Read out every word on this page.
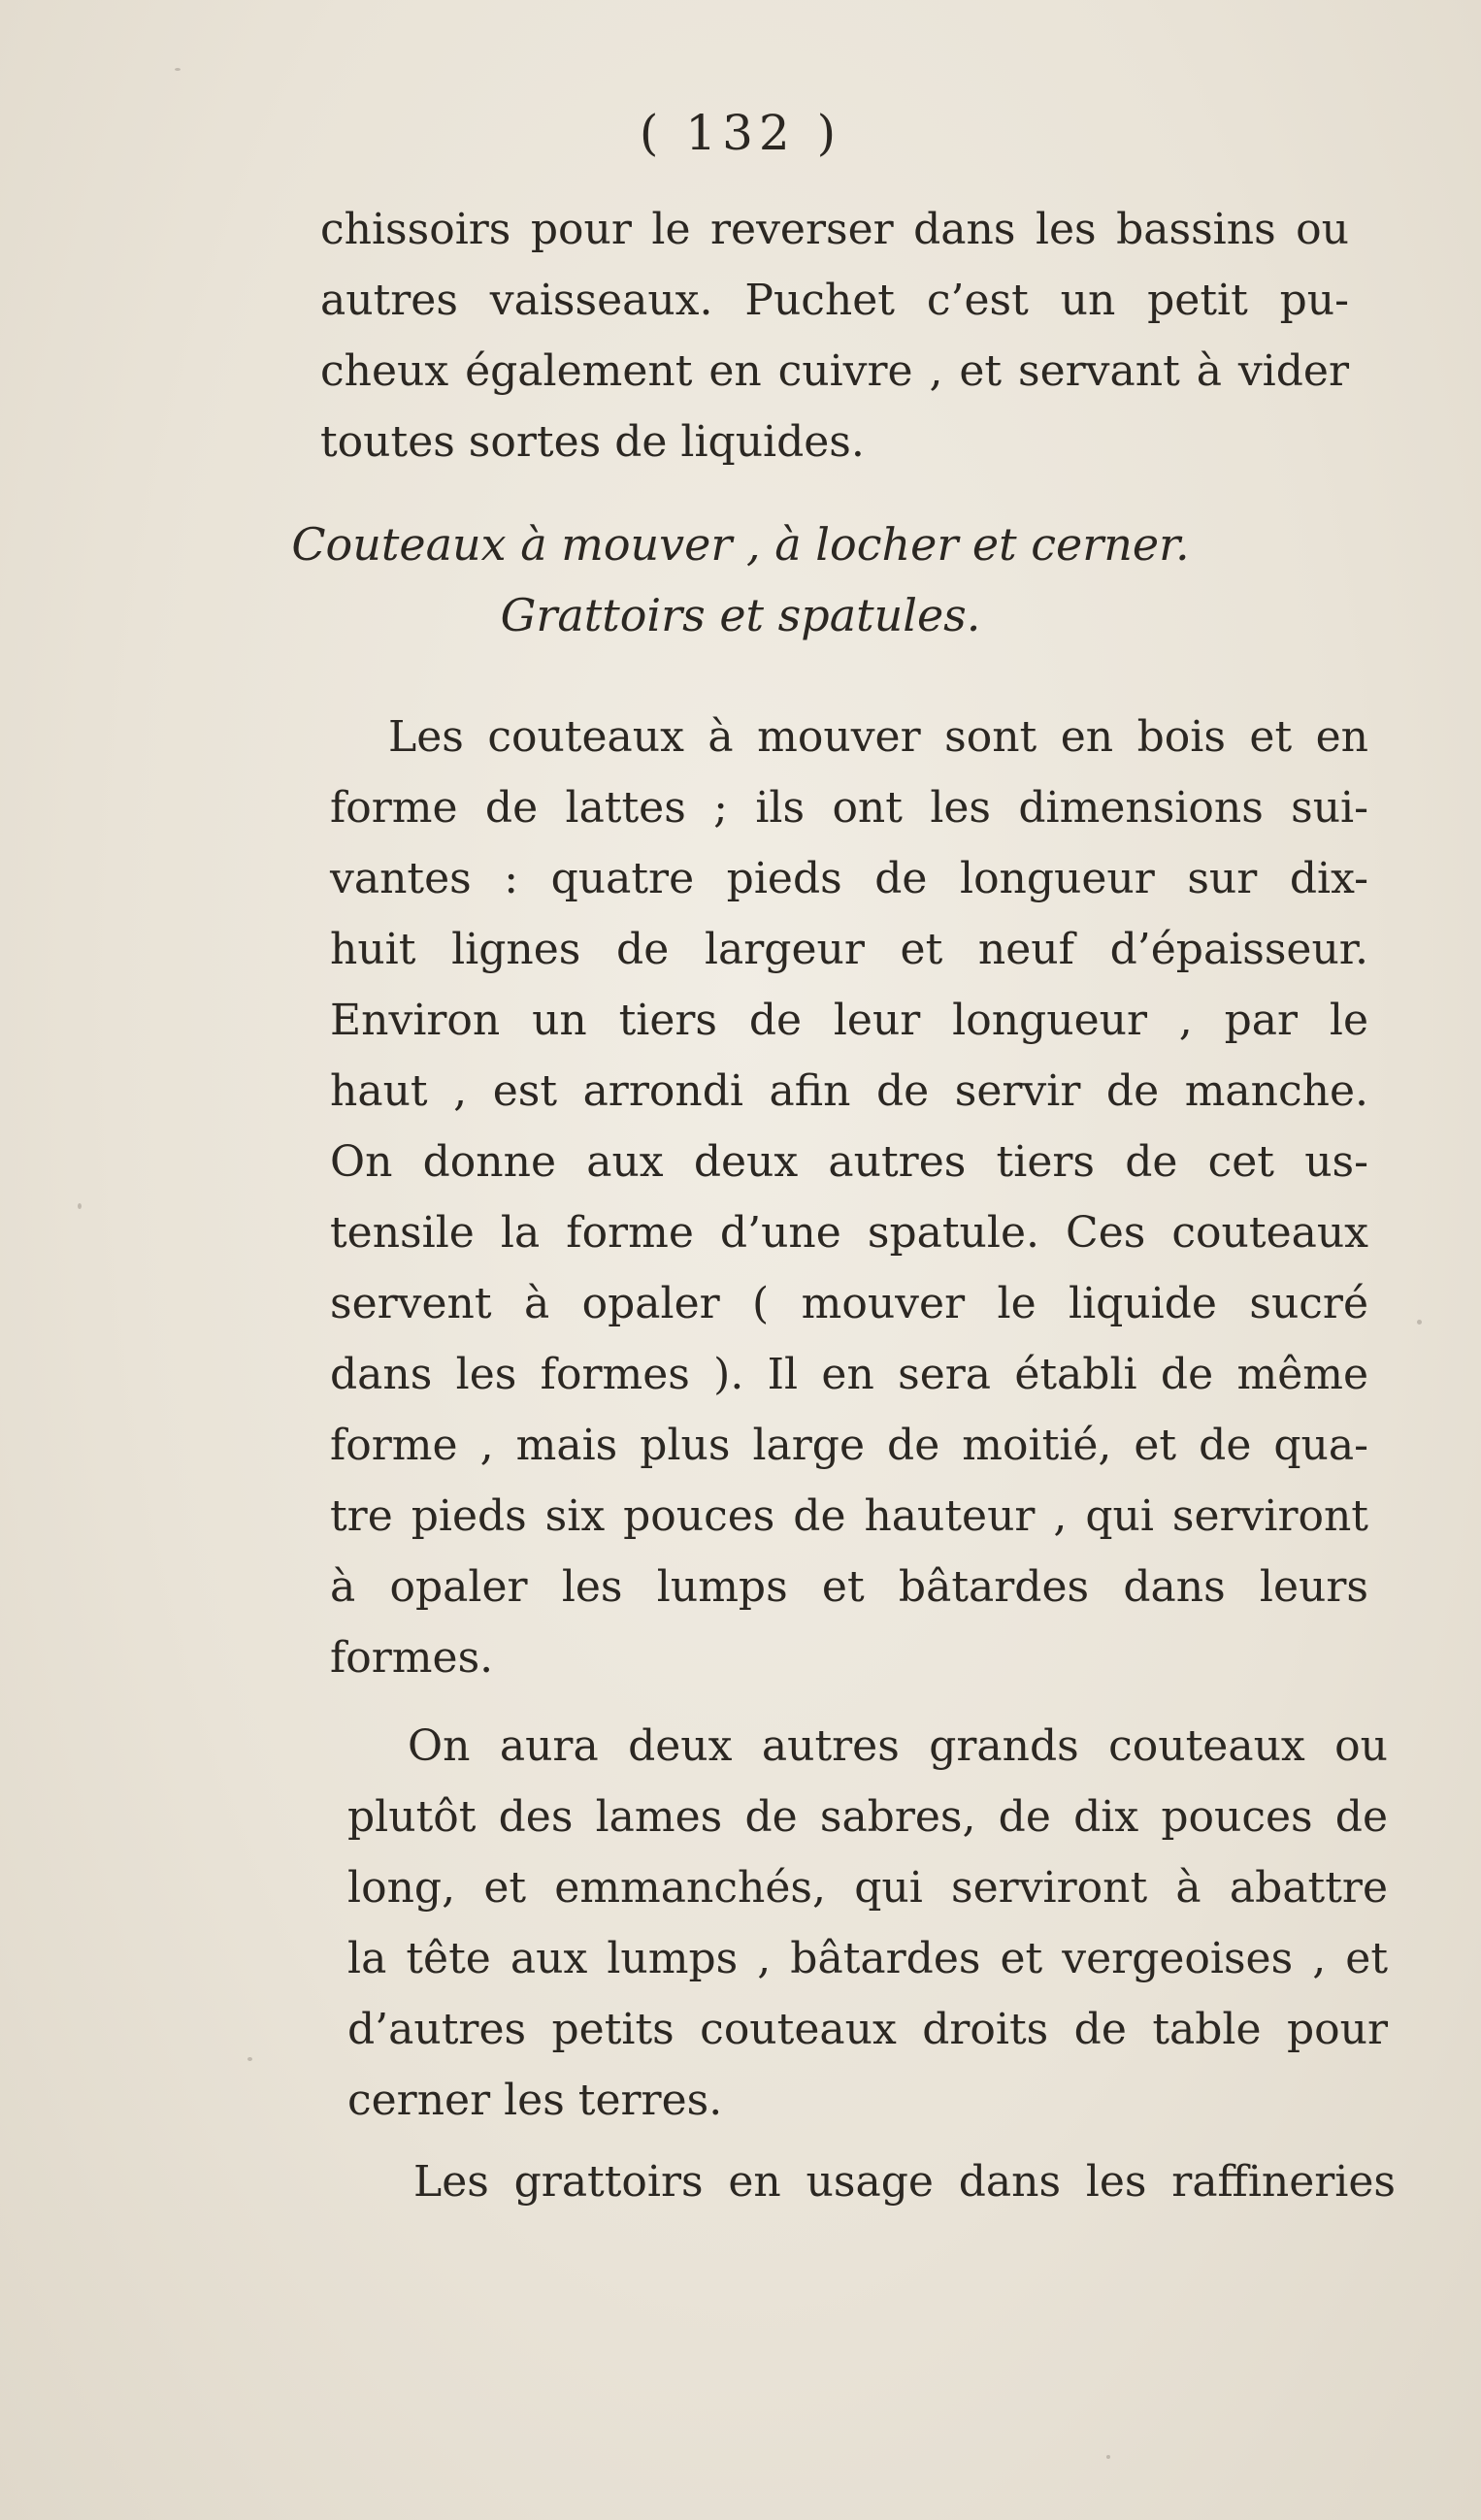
( 132 )
chissoirs pour le reverser dans les bassins ou
autres vaisseaux. Puchet c’est un petit pu-
cheux également en cuivre , et servant à vider
toutes sortes de liquides.
Couteaux à mouver , à locher et cerner.
Grattoirs et spatules.
Les couteaux à mouver sont en bois et en
forme de lattes ; ils ont les dimensions sui-
vantes : quatre pieds de longueur sur dix-
huit lignes de largeur et neuf d’épaisseur.
Environ un tiers de leur longueur , par le
haut , est arrondi afin de servir de manche.
On donne aux deux autres tiers de cet us-
tensile la forme d’une spatule. Ces couteaux
servent à opaler ( mouver le liquide sucré
dans les formes ). Il en sera établi de même
forme , mais plus large de moitié, et de qua-
tre pieds six pouces de hauteur , qui serviront
à opaler les lumps et bâtardes dans leurs
formes.
On aura deux autres grands couteaux ou
plutôt des lames de sabres, de dix pouces de
long, et emmanchés, qui serviront à abattre
la tête aux lumps , bâtardes et vergeoises , et
d’autres petits couteaux droits de table pour
cerner les terres.
Les grattoirs en usage dans les raffineries
